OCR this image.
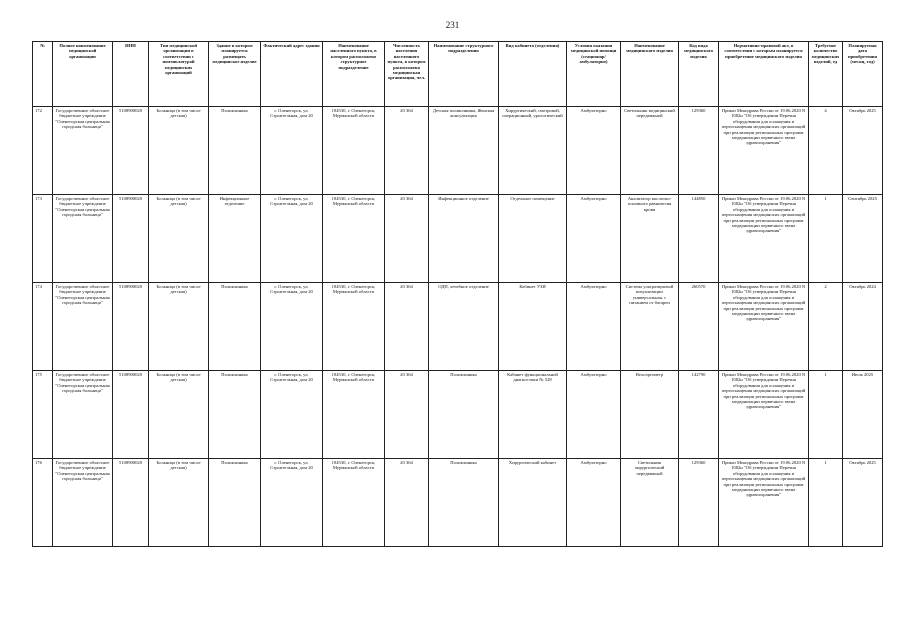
231
№	Полное наименование медицинской организации	ИНН	Тип медицинской организации в соответствии с номенклатурой медицинских организаций	Здание в котором планируется размещать медицинское изделие	Фактический адрес здания	Наименование населенного пункта, в котором расположено структурное подразделение	Численность населения населенного пункта, в котором расположена медицинская организация, чел.	Наименование структурного подразделения	Вид кабинета (отделения)	Условия оказания медицинской помощи (стационар/амбулаторно)	Наименование медицинского изделия	Код вида медицинского изделия	Нормативно-правовой акт, в соответствии с которым планируется приобретение медицинского изделия	Требуемое количество медицинских изделий, ед	Планируемая дата приобретения (месяц, год)
172	Государственное областное бюджетное учреждение "Оленегорская центральная городская больница"	5108900020	Больница (в том числе детская)	Поликлиника	г. Оленегорск, ул. Строительная, дом 20	184530, г. Оленегорск, Мурманской области	20 364	Детская поликлиника, Женская консультация	Хирургический, смотровой, операционный, урологический	Амбулаторно	Светильник медицинский передвижной	129360	Приказ Минздрава России от 19.06.2020 N 1082н "Об утверждении Перечня оборудования для оснащения и переоснащения медицинских организаций при реализации региональных программ модернизации первичного звена здравоохранения"	4	Октябрь 2025
173	Государственное областное бюджетное учреждение "Оленегорская центральная городская больница"	5108900020	Больница (в том числе детская)	Инфекционное отделение	г. Оленегорск, ул. Строительная, дом 20	184530, г. Оленегорск, Мурманской области	20 364	Инфекционное отделение	Отдельное помещение	Амбулаторно	Анализатор кислотно-основного равновесия крови	144850	Приказ Минздрава России от 19.06.2020 N 1082н "Об утверждении Перечня оборудования для оснащения и переоснащения медицинских организаций при реализации региональных программ модернизации первичного звена здравоохранения"	1	Сентябрь 2025
174	Государственное областное бюджетное учреждение "Оленегорская центральная городская больница"	5108900020	Больница (в том числе детская)	Поликлиника	г. Оленегорск, ул. Строительная, дом 20	184530, г. Оленегорск, Мурманской области	20 364	ОДП, лечебное отделение	Кабинет УЗИ	Амбулаторно	Система ультразвуковой визуализации универсальная, с питанием от батареи	260570	Приказ Минздрава России от 19.06.2020 N 1082н "Об утверждении Перечня оборудования для оснащения и переоснащения медицинских организаций при реализации региональных программ модернизации первичного звена здравоохранения"	2	Октябрь 2024
175	Государственное областное бюджетное учреждение "Оленегорская центральная городская больница"	5108900020	Больница (в том числе детская)	Поликлиника	г. Оленегорск, ул. Строительная, дом 20	184530, г. Оленегорск, Мурманской области	20 364	Поликлиника	Кабинет функциональной диагностики № 528	Амбулаторно	Велоэргометр	142790	Приказ Минздрава России от 19.06.2020 N 1082н "Об утверждении Перечня оборудования для оснащения и переоснащения медицинских организаций при реализации региональных программ модернизации первичного звена здравоохранения"	1	Июль 2025
176	Государственное областное бюджетное учреждение "Оленегорская центральная городская больница"	5108900020	Больница (в том числе детская)	Поликлиника	г. Оленегорск, ул. Строительная, дом 20	184530, г. Оленегорск, Мурманской области	20 364	Поликлиника	Хирургический кабинет	Амбулаторно	Светильник хирургический передвижной	129360	Приказ Минздрава России от 19.06.2020 N 1082н "Об утверждении Перечня оборудования для оснащения и переоснащения медицинских организаций при реализации региональных программ модернизации первичного звена здравоохранения"	1	Октябрь 2025
